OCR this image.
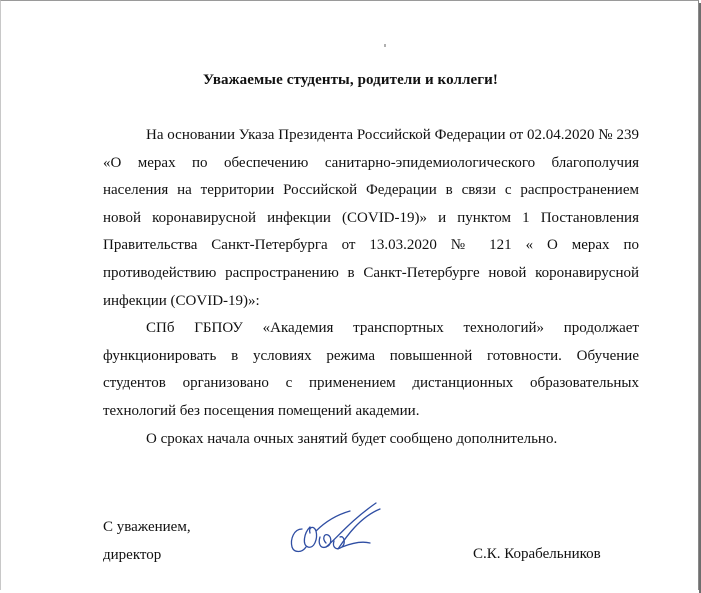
Уважаемые студенты, родители и коллеги!

На основании Указа Президента Российской Федерации от 02.04.2020 № 239 «О мерах по обеспечению санитарно-эпидемиологического благополучия населения на территории Российской Федерации в связи с распространением новой коронавирусной инфекции (COVID-19)» и пунктом 1 Постановления Правительства Санкт-Петербурга от 13.03.2020 № 121 « О мерах по противодействию распространению в Санкт-Петербурге новой коронавирусной инфекции (COVID-19)»:

СПб ГБПОУ «Академия транспортных технологий» продолжает функционировать в условиях режима повышенной готовности. Обучение студентов организовано с применением дистанционных образовательных технологий без посещения помещений академии.

О сроках начала очных занятий будет сообщено дополнительно.

С уважением,
директор	С.К. Корабельников
